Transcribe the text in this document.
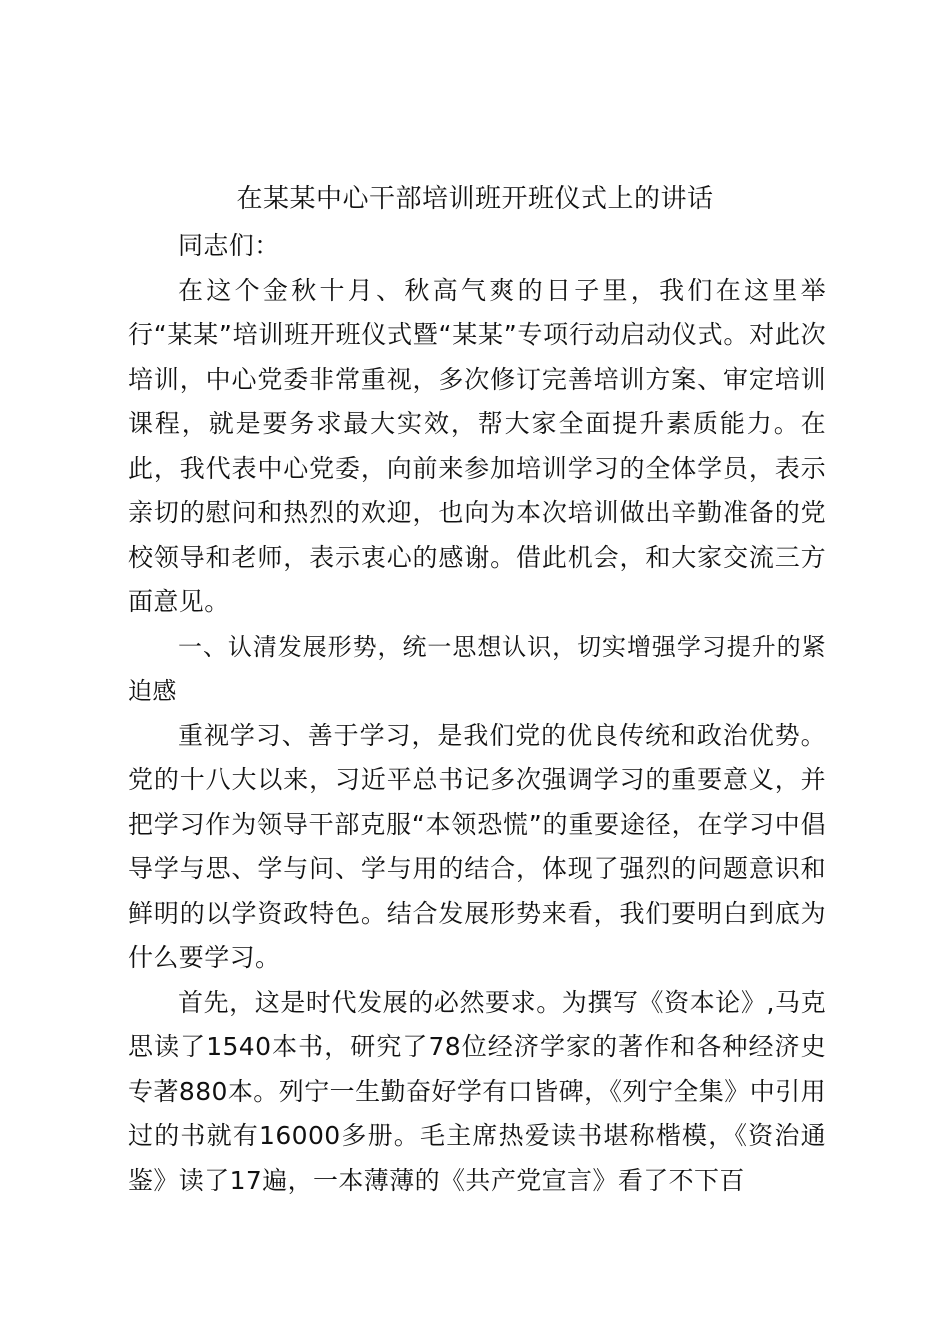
在某某中心干部培训班开班仪式上的讲话

同志们：

在这个金秋十月、秋高气爽的日子里，我们在这里举行“某某”培训班开班仪式暨“某某”专项行动启动仪式。对此次培训，中心党委非常重视，多次修订完善培训方案、审定培训课程，就是要务求最大实效，帮大家全面提升素质能力。在此，我代表中心党委，向前来参加培训学习的全体学员，表示亲切的慰问和热烈的欢迎，也向为本次培训做出辛勤准备的党校领导和老师，表示衷心的感谢。借此机会，和大家交流三方面意见。

一、认清发展形势，统一思想认识，切实增强学习提升的紧迫感

重视学习、善于学习，是我们党的优良传统和政治优势。党的十八大以来，习近平总书记多次强调学习的重要意义，并把学习作为领导干部克服“本领恐慌”的重要途径，在学习中倡导学与思、学与问、学与用的结合，体现了强烈的问题意识和鲜明的以学资政特色。结合发展形势来看，我们要明白到底为什么要学习。

首先，这是时代发展的必然要求。为撰写《资本论》,马克思读了1540本书，研究了78位经济学家的著作和各种经济史专著880本。列宁一生勤奋好学有口皆碑，《列宁全集》中引用过的书就有16000多册。毛主席热爱读书堪称楷模，《资治通鉴》读了17遍，一本薄薄的《共产党宣言》看了不下百
